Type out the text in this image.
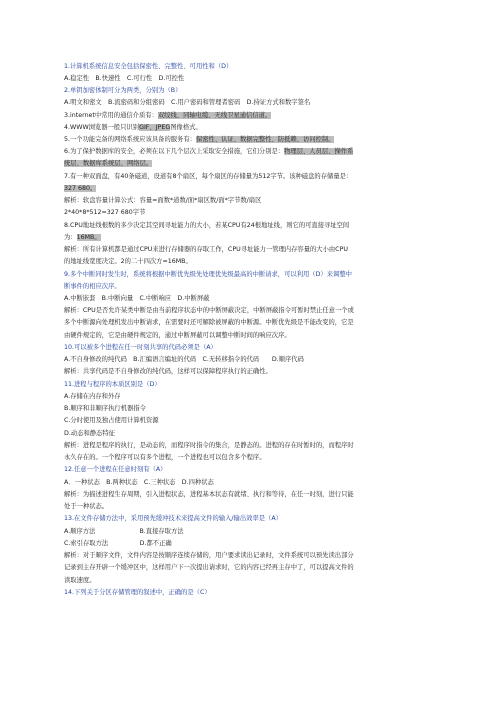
1.计算机系统信息安全包括保密性、完整性、可用性和（D）
A.稳定性　B.快速性　C.可行性　D.可控性
2.单钥加密体制可分为两类，分别为（B）
A.明文和密文　B.流密码和分组密码　C.用户密码和管理者密码　D.持证方式和数字签名
3.internet中常用的通信介质有：双绞线、同轴电缆、无线卫星通信信道。
4.WWW浏览器一般只识别GIF、JPEG图像格式。
5.一个功能完备的网络系统应该具备的服务有：保密性、认证、数据完整性、防抵赖、访问控制。
6.为了保护数据库的安全，必须在以下几个层次上采取安全措施，它们分别是：物理层、人员层、操作系
统层、数据库系统层、网络层。
7.有一种双面盘，有40条磁道，设道有8个扇区，每个扇区的存储量为512字节。该种磁盘的存储量是：
327 680。
解析：软盘容量计算公式：容量=面数*道数/面*扇区数/面*字节数/扇区
2*40*8*512=327 680字节
8.CPU地址线根数的多少决定其空间寻址能力的大小，若某CPU有24根地址线，则它的可直接寻址空间
为：16MB。
解析：所有计算机都是通过CPU来进行存储器的存取工作，CPU寻址能力一管理内存容量的大小由CPU
的地址线宽度决定。2的二十四次方=16MB。
9.多个中断同时发生时，系统将根据中断优先级先处理优先级最高的中断请求，可以利用（D）来调整中
断事件的相应次序。
A.中断嵌套　B.中断向量　C.中断响应　D.中断屏蔽
解析：CPU是否允许某类中断是由当前程序状态中的中断屏蔽决定，中断屏蔽指令可暂时禁止任意一个或
多个中断源向处理机发出中断请求，在需要时还可解除被屏蔽的中断源。中断优先级是不能改变的，它是
由硬件规定的，它是由硬件规定的，通过中断屏蔽可以调整中断时间的响应次序。
10.可以被多个进程在任一时刻共享的代码必须是（A）
A.不自身修改的纯代码　B.汇编语言编址的代码　C.无转移指令的代码　　D.顺序代码
解析：共享代码是不自身修改的纯代码，这样可以保障程序执行的正确性。
11.进程与程序的本质区别是（D）
A.存储在内存和外存
B.顺序和非顺序执行机器指令
C.分时使用及独占使用计算机资源
D.动态和静态特征
解析：进程是程序的执行，是动态的，而程序时指令的集合，是静态的。进程的存在时暂时的，而程序时
永久存在的。一个程序可以有多个进程，一个进程也可以包含多个程序。
12.任意一个进程在任意时刻有（A）
A．一种状态　B.两种状态　C.三种状态　D.四种状态
解析：为描述进程生存周期，引入进程状态，进程基本状态有就绪、执行和等待，在任一时刻，进行只能
处于一种状态。
13.在文件存储方法中，采用预先缓冲技术来提高文件的输入/输出效率是（A）
A.顺序方法　　　　　　　B.直接存取方法
C.索引存取方法　　　　　D.都不正确
解析：对于顺序文件，文件内容是按顺序连续存储的，用户要求读出记录时，文件系统可以预先读出部分
记录到主存开辟一个缓冲区中，这样用户下一次提出请求时，它的内容已经再主存中了，可以提高文件的
读取速度。
14.下列关于分区存储管理的叙述中，正确的是（C）
